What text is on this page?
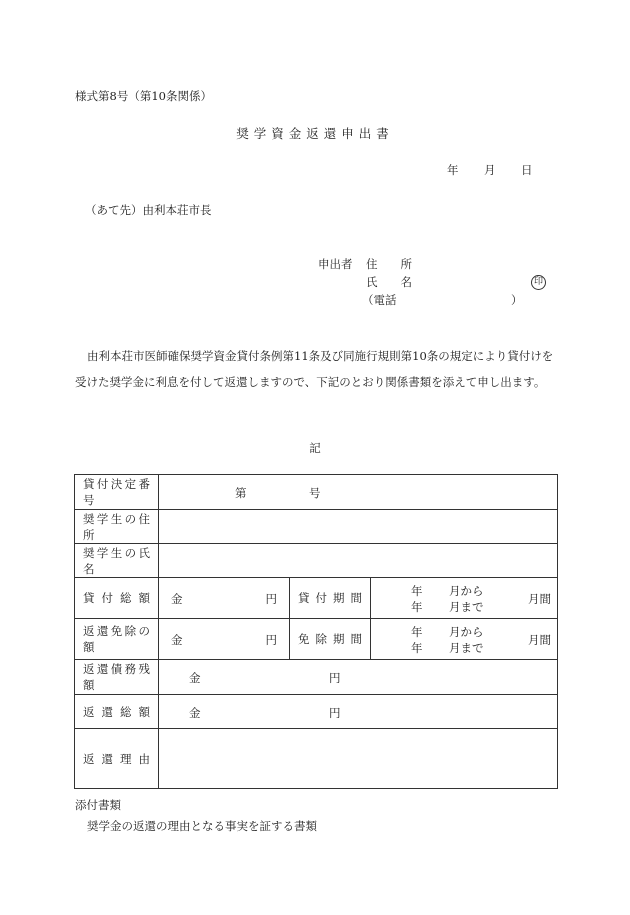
様式第8号（第10条関係）
奨学資金返還申出書
年 月 日
（あて先）由利本荘市長
申出者 住　　所
氏　　名	印
（電話	）
由利本荘市医師確保奨学資金貸付条例第11条及び同施行規則第10条の規定により貸付けを受けた奨学金に利息を付して返還しますので、下記のとおり関係書類を添えて申し出ます。
記
貸付決定番号	第 号		

奨学生の住所			
奨学生の氏名			
貸付総額	金 円	貸付期間	年 月から
年 月まで
月間

返還免除の額	金 円	免除期間	年 月から
年 月まで
月間

返還債務残額	金 円		

返還総額	金 円		

返還理由			
添付書類
奨学金の返還の理由となる事実を証する書類
